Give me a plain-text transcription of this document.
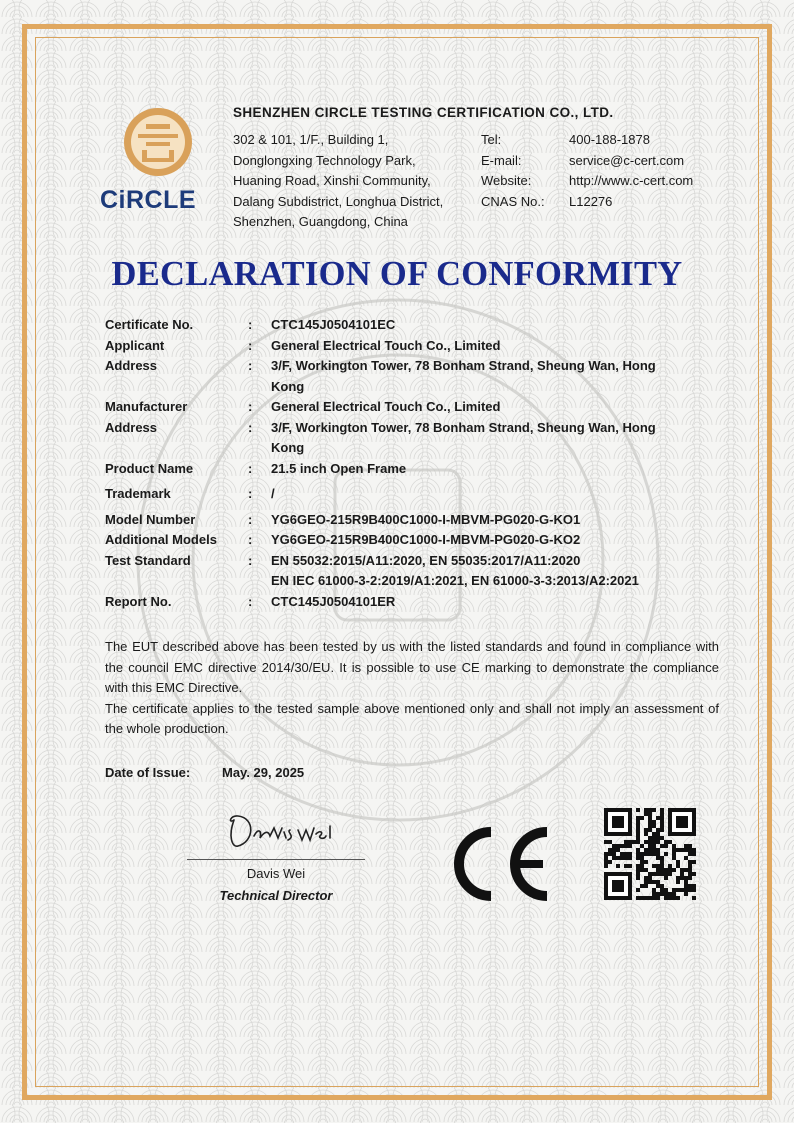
CiRCLE
SHENZHEN CIRCLE TESTING CERTIFICATION CO., LTD.
302 & 101, 1/F., Building 1,
Donglongxing Technology Park,
Huaning Road, Xinshi Community,
Dalang Subdistrict, Longhua District,
Shenzhen, Guangdong, China
Tel:	400-188-1878
E-mail:	service@c-cert.com
Website:	http://www.c-cert.com
CNAS No.:	L12276
DECLARATION OF CONFORMITY
Certificate No.	:	CTC145J0504101EC
Applicant	:	General Electrical Touch Co., Limited
Address	:	3/F, Workington Tower, 78 Bonham Strand, Sheung Wan, Hong
Kong
Manufacturer	:	General Electrical Touch Co., Limited
Address	:	3/F, Workington Tower, 78 Bonham Strand, Sheung Wan, Hong
Kong
Product Name	:	21.5 inch Open Frame
Trademark	:	/
Model Number	:	YG6GEO-215R9B400C1000-I-MBVM-PG020-G-KO1
Additional Models	:	YG6GEO-215R9B400C1000-I-MBVM-PG020-G-KO2
Test Standard	:	EN 55032:2015/A11:2020, EN 55035:2017/A11:2020
EN IEC 61000-3-2:2019/A1:2021, EN 61000-3-3:2013/A2:2021
Report No.	:	CTC145J0504101ER

The EUT described above has been tested by us with the listed standards and found in compliance with the council EMC directive 2014/30/EU. It is possible to use CE marking to demonstrate the compliance with this EMC Directive.

The certificate applies to the tested sample above mentioned only and shall not imply an assessment of the whole production.

Date of Issue: May. 29, 2025
Davis Wei
Technical Director
